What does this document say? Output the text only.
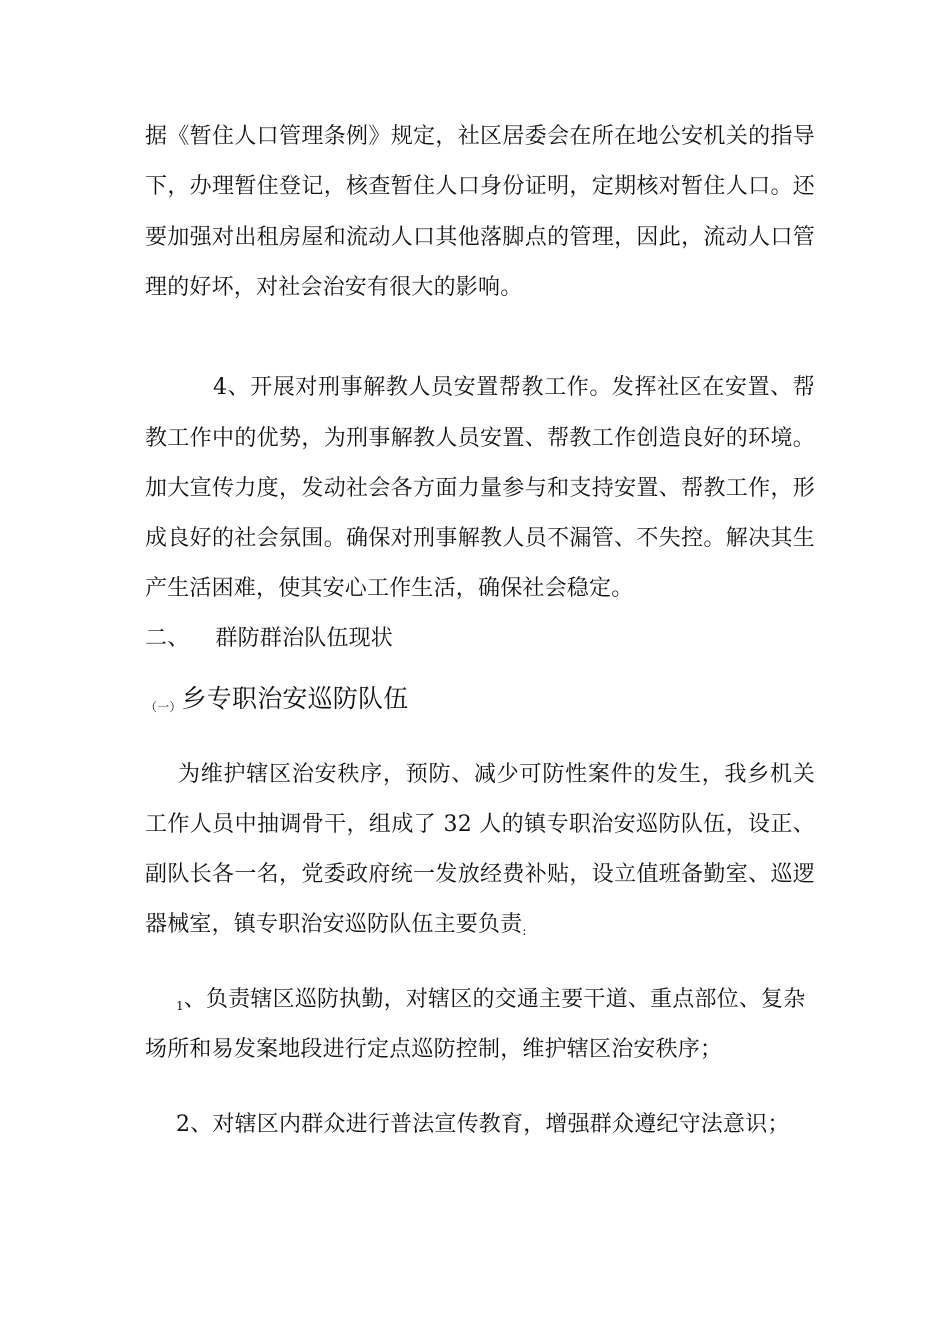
据《暂住人口管理条例》规定，社区居委会在所在地公安机关的指导
下，办理暂住登记，核查暂住人口身份证明，定期核对暂住人口。还
要加强对出租房屋和流动人口其他落脚点的管理，因此，流动人口管
理的好坏，对社会治安有很大的影响。
4、开展对刑事解教人员安置帮教工作。发挥社区在安置、帮
教工作中的优势，为刑事解教人员安置、帮教工作创造良好的环境。
加大宣传力度，发动社会各方面力量参与和支持安置、帮教工作，形
成良好的社会氛围。确保对刑事解教人员不漏管、不失控。解决其生
产生活困难，使其安心工作生活，确保社会稳定。
二、 群防群治队伍现状
（一）乡专职治安巡防队伍
为维护辖区治安秩序，预防、减少可防性案件的发生，我乡机关
工作人员中抽调骨干，组成了 32 人的镇专职治安巡防队伍，设正、
副队长各一名，党委政府统一发放经费补贴，设立值班备勤室、巡逻
器械室，镇专职治安巡防队伍主要负责:
1、负责辖区巡防执勤，对辖区的交通主要干道、重点部位、复杂
场所和易发案地段进行定点巡防控制，维护辖区治安秩序；
2、对辖区内群众进行普法宣传教育，增强群众遵纪守法意识；
